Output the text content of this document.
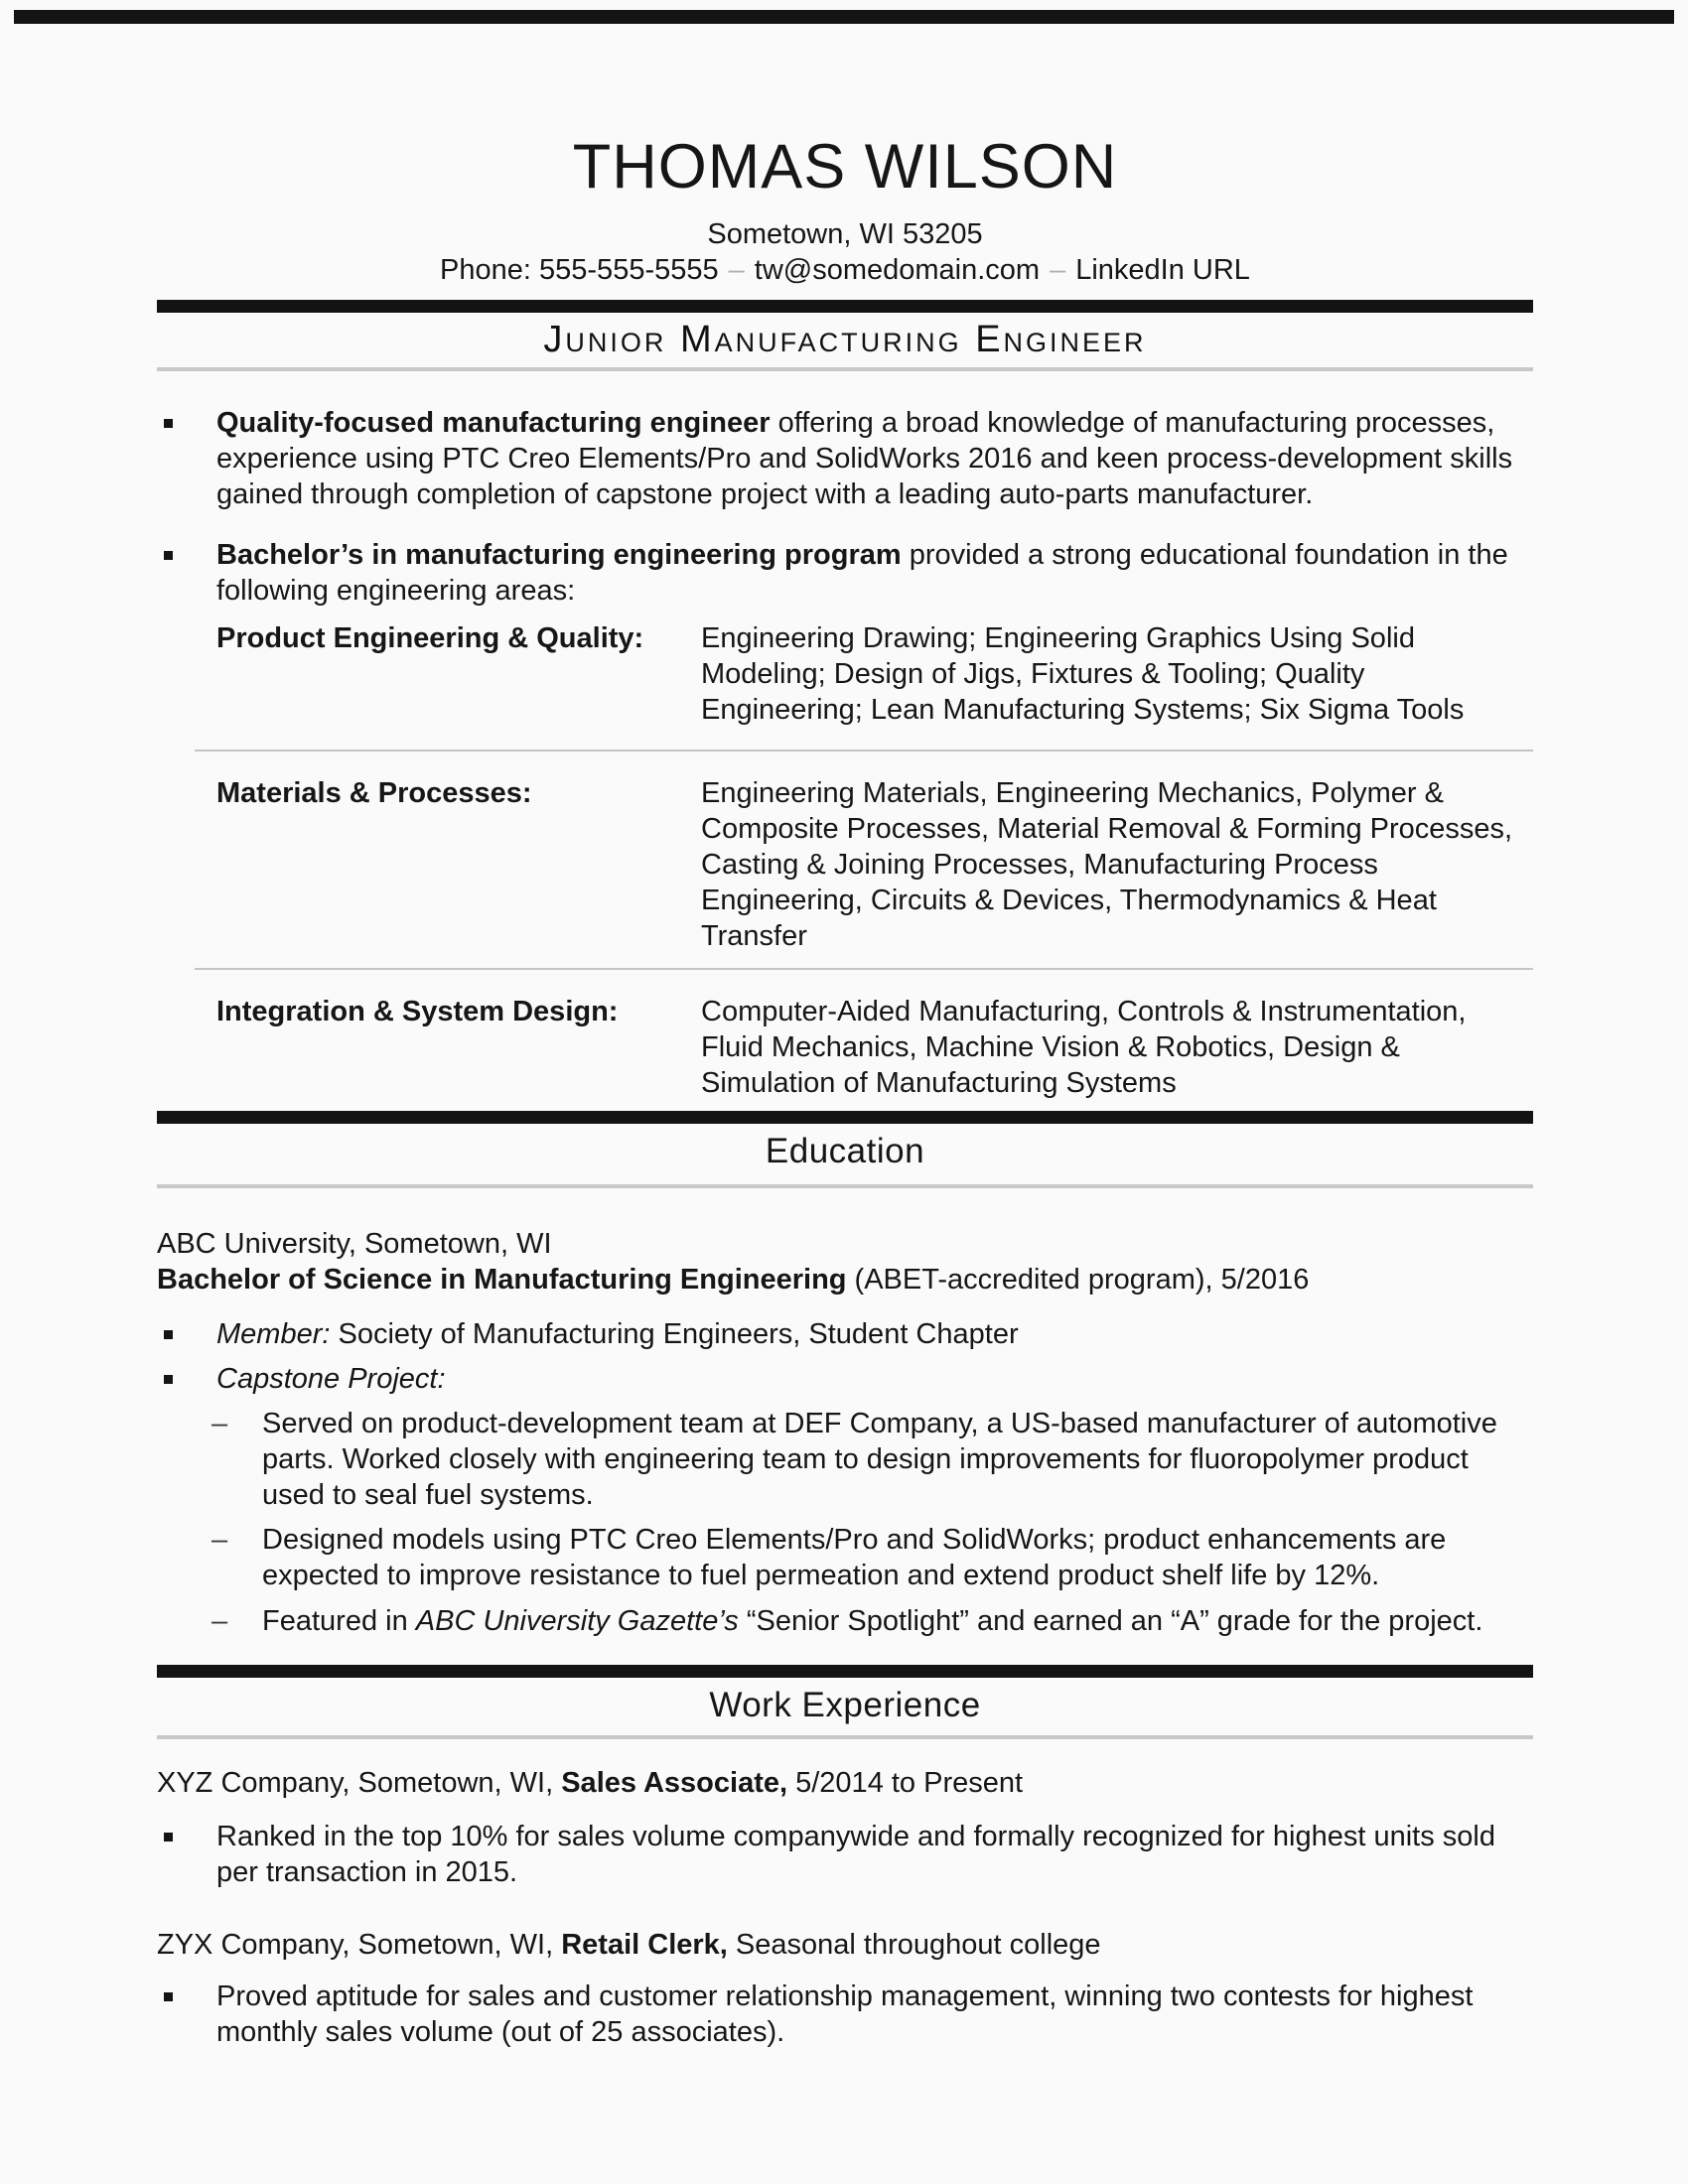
THOMAS WILSON
Sometown, WI 53205
Phone: 555-555-5555 – tw@somedomain.com – LinkedIn URL
Junior Manufacturing Engineer
Quality-focused manufacturing engineer offering a broad knowledge of manufacturing processes, experience using PTC Creo Elements/Pro and SolidWorks 2016 and keen process-development skills gained through completion of capstone project with a leading auto-parts manufacturer.
Bachelor’s in manufacturing engineering program provided a strong educational foundation in the following engineering areas:
Product Engineering & Quality:	Engineering Drawing; Engineering Graphics Using Solid Modeling; Design of Jigs, Fixtures & Tooling; Quality Engineering; Lean Manufacturing Systems; Six Sigma Tools
Materials & Processes:	Engineering Materials, Engineering Mechanics, Polymer & Composite Processes, Material Removal & Forming Processes, Casting & Joining Processes, Manufacturing Process Engineering, Circuits & Devices, Thermodynamics & Heat Transfer
Integration & System Design:	Computer-Aided Manufacturing, Controls & Instrumentation, Fluid Mechanics, Machine Vision & Robotics, Design & Simulation of Manufacturing Systems
Education
ABC University, Sometown, WI
Bachelor of Science in Manufacturing Engineering (ABET-accredited program), 5/2016
Member: Society of Manufacturing Engineers, Student Chapter
Capstone Project:
–	Served on product-development team at DEF Company, a US-based manufacturer of automotive parts. Worked closely with engineering team to design improvements for fluoropolymer product used to seal fuel systems.
–	Designed models using PTC Creo Elements/Pro and SolidWorks; product enhancements are expected to improve resistance to fuel permeation and extend product shelf life by 12%.
–	Featured in ABC University Gazette’s “Senior Spotlight” and earned an “A” grade for the project.
Work Experience
XYZ Company, Sometown, WI, Sales Associate, 5/2014 to Present
Ranked in the top 10% for sales volume companywide and formally recognized for highest units sold per transaction in 2015.
ZYX Company, Sometown, WI, Retail Clerk, Seasonal throughout college
Proved aptitude for sales and customer relationship management, winning two contests for highest monthly sales volume (out of 25 associates).
